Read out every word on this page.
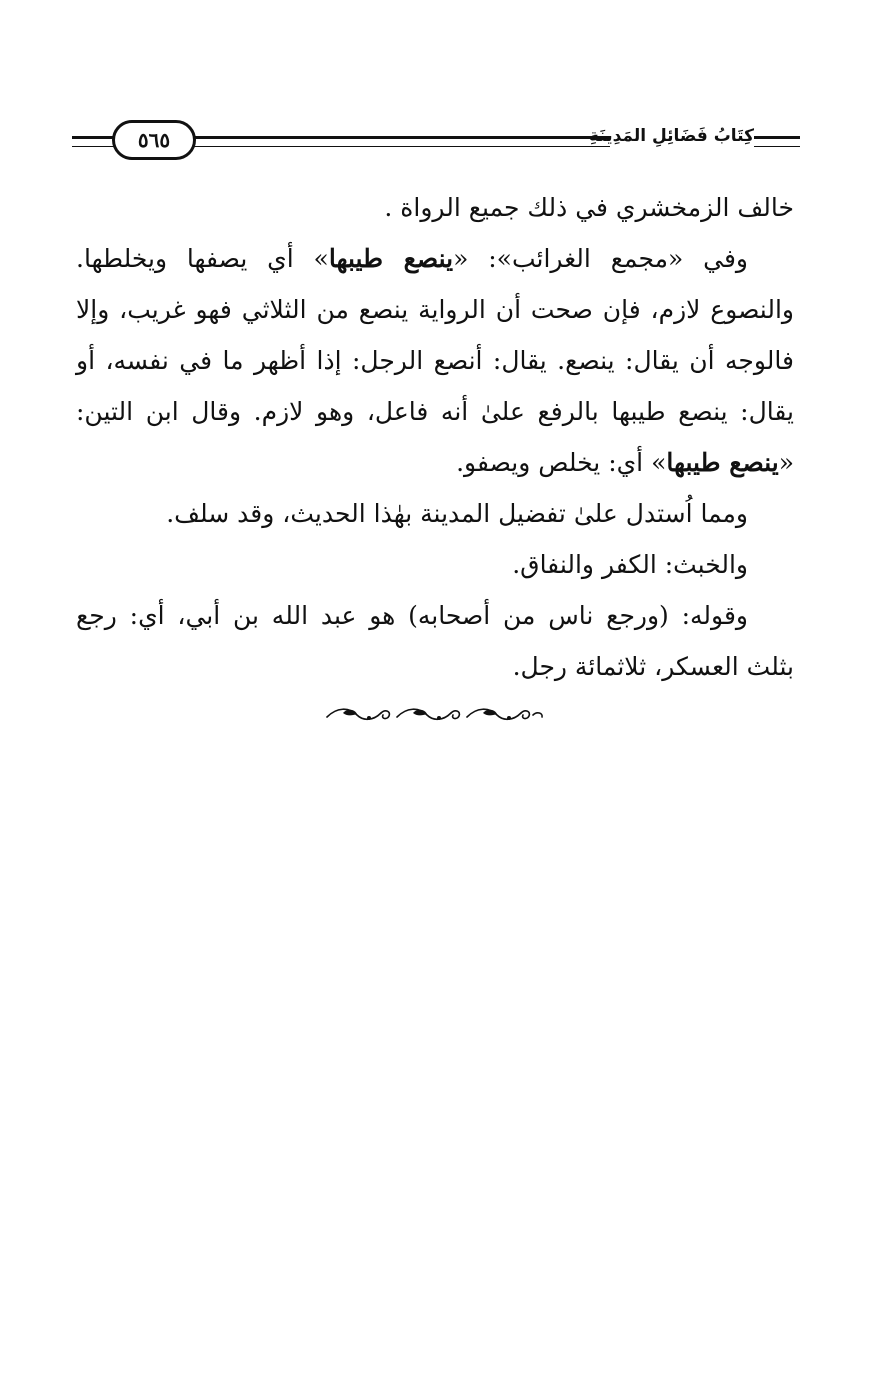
٥٦٥	كِتَابُ فَضَائِلِ المَدِينَةِ

خالف الزمخشري في ذلك جميع الرواة .

وفي «مجمع الغرائب»: «ينصع طيبها» أي يصفها ويخلطها. والنصوع لازم، فإن صحت أن الرواية ينصع من الثلاثي فهو غريب، وإلا فالوجه أن يقال: ينصع. يقال: أنصع الرجل: إذا أظهر ما في نفسه، أو يقال: ينصع طيبها بالرفع علىٰ أنه فاعل، وهو لازم. وقال ابن التين: «ينصع طيبها» أي: يخلص ويصفو.

ومما اُستدل علىٰ تفضيل المدينة بهٰذا الحديث، وقد سلف.

والخبث: الكفر والنفاق.

وقوله: (ورجع ناس من أصحابه) هو عبد الله بن أبي، أي: رجع بثلث العسكر، ثلاثمائة رجل.
